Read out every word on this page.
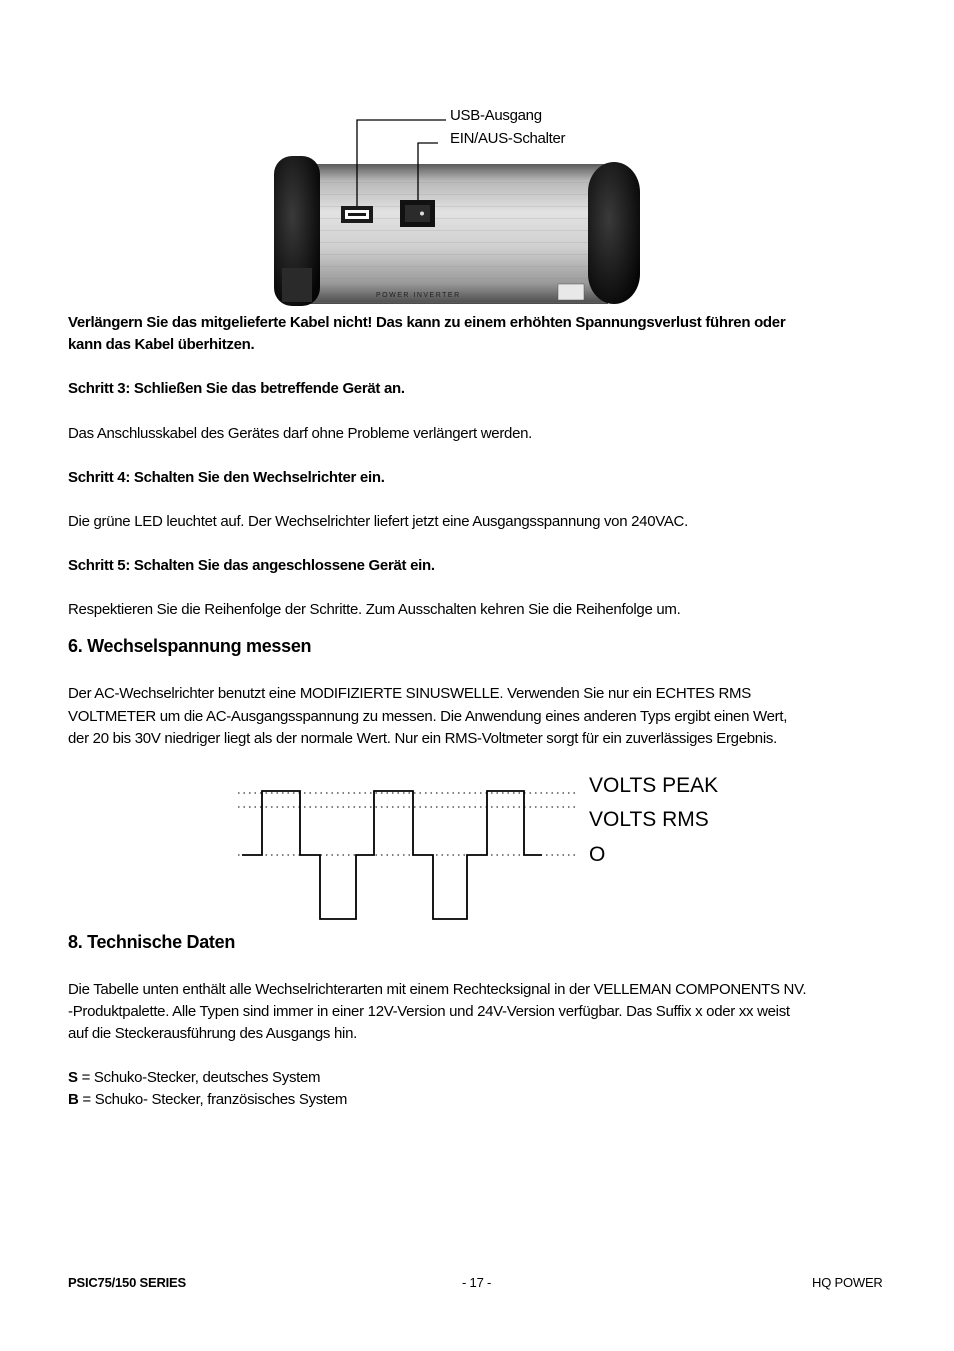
POWER INVERTER
USB-Ausgang
EIN/AUS-Schalter
Verlängern Sie das mitgelieferte Kabel nicht! Das kann zu einem erhöhten Spannungsverlust führen oder
kann das Kabel überhitzen.
Schritt 3: Schließen Sie das betreffende Gerät an.
Das Anschlusskabel des Gerätes darf ohne Probleme verlängert werden.
Schritt 4: Schalten Sie den Wechselrichter ein.
Die grüne LED leuchtet auf. Der Wechselrichter liefert jetzt eine Ausgangsspannung von 240VAC.
Schritt 5: Schalten Sie das angeschlossene Gerät ein.
Respektieren Sie die Reihenfolge der Schritte. Zum Ausschalten kehren Sie die Reihenfolge um.
6. Wechselspannung messen
Der AC-Wechselrichter benutzt eine MODIFIZIERTE SINUSWELLE. Verwenden Sie nur ein ECHTES RMS
VOLTMETER um die AC-Ausgangsspannung zu messen. Die Anwendung eines anderen Typs ergibt einen Wert,
der 20 bis 30V niedriger liegt als der normale Wert. Nur ein RMS-Voltmeter sorgt für ein zuverlässiges Ergebnis.
VOLTS PEAK
VOLTS RMS
O
8. Technische Daten
Die Tabelle unten enthält alle Wechselrichterarten mit einem Rechtecksignal in der VELLEMAN COMPONENTS NV.
-Produktpalette. Alle Typen sind immer in einer 12V-Version und 24V-Version verfügbar. Das Suffix x oder xx weist
auf die Steckerausführung des Ausgangs hin.
S = Schuko-Stecker, deutsches System
B = Schuko- Stecker, französisches System
PSIC75/150 SERIES	- 17 -	HQ POWER
